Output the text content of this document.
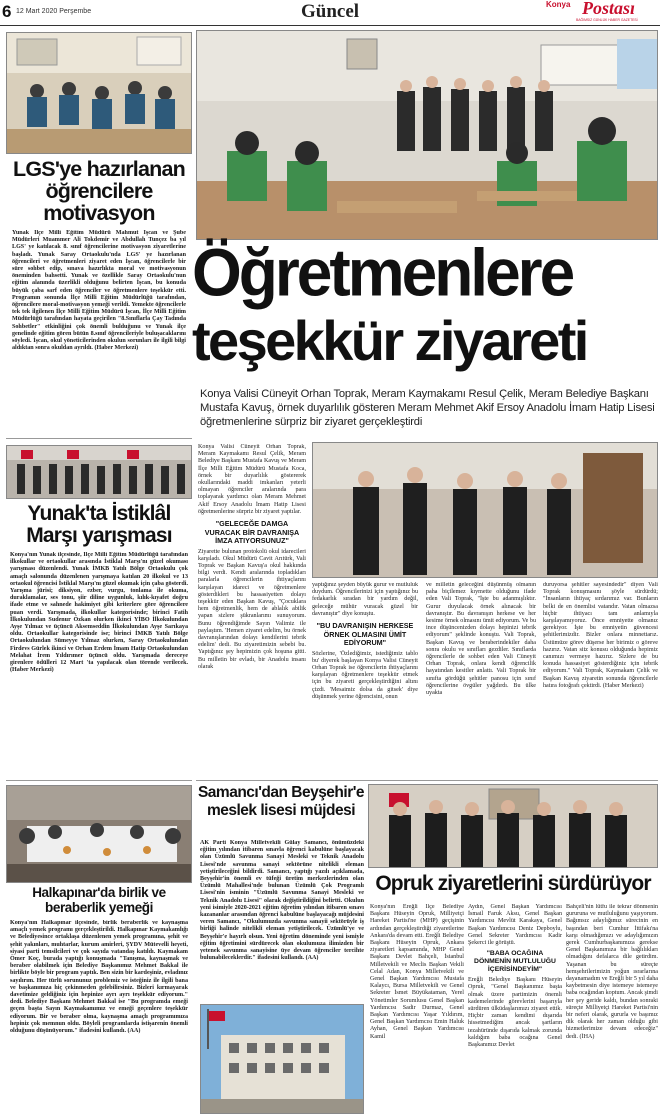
6 12 Mart 2020 Perşembe	Güncel	Konya Postası
BAĞIMSIZ GÜNLÜK HABER GAZETESİ
LGS'ye hazırlanan öğrencilere motivasyon

Yunak İlçe Milli Eğitim Müdürü Mahmut İşcan ve Şube Müdürleri Muammer Ali Tokdemir ve Abdullah Tunçez ba yıl LGS' ye katılacak 8. sınıf öğrencilerine motivasyon ziyaretlerine başladı. Yunak Saray Ortaokulu'nda LGS' ye hazırlanan öğrencileri ve öğretmenleri ziyaret eden İşcan, öğrencilerle bir süre sohbet edip, sınava hazırlıkta moral ve motivasyonun öneminden bahsetti. Yunak ve özellikle Saray Ortaokulu'nun eğitim alanında üzerlikli olduğunu belirten İşcan, bu konuda büyük çaba sarf eden öğrenciler ve öğretmenlere teşekkür etti. Programın sonunda İlçe Milli Eğitim Müdürlüğü tarafından, öğrencilere moral-motivasyon yemeği verildi. Yemekte öğrencilerle tek tek ilgilenen İlçe Milli Eğitim Müdürü İşcan, İlçe Milli Eğitim Müdürlüğü tarafından hayata geçirilen "8.Sınıflarla Çay Tadında Sohbetler" etkinliğini çok önemli bulduğunu ve Yunak ilçe genelinde eğitim gören bütün 8.sınıf öğrencileriyle buluşacaklarını söyledi. İşcan, okul yöneticilerinden okulun sorunları ile ilgili bilgi aldıktan sonra okuldan ayrıldı. (Haber Merkezi)

Yunak'ta İstiklâl Marşı yarışması

Konya'nın Yunak ilçesinde, İlçe Milli Eğitim Müdürlüğü tarafından ilkokullar ve ortaokullar arasında İstiklal Marşı'nı güzel okuması yarışması düzenlendi. Yunak İMKB Yatılı Bölge Ortaokulu çok amaçlı salonunda düzenlenen yarışmaya katılan 20 ilkokul ve 13 ortaokul öğrencisi İstiklal Marşı'nı güzel okumak için çaba gösterdi. Yarışma jürisi; diksiyon, ezber, vurgu, tonlama ile okuma, duraklamalar, ses tonu, şiir diline uygunluk, kılık-kıyafet doğru ifade etme ve sahnede hakimiyet gibi kriterlere göre öğrencilere puan verdi. Yarışmada, ilkokullar kategorisinde; birinci Fatih İlkokulundan Sudenur Özkan olurken ikinci YİBO İlkokulundan Ayşe Yılmaz ve üçüncü Aksemseddin İlkokulundan Ayşe Sarıkaya oldu. Ortaokullar kategorisinde ise; birinci İMKB Yatılı Bölge Ortaokulundan Sümeyye Yılmaz olurken, Saray Ortaokulundan Firdevs Gürlek ikinci ve Orhan Erdem İmam Hatip Ortaokulundan Melahat İrem Yıldırımer üçüncü oldu. Yarışmada dereceye girenlere ödülleri 12 Mart 'ta yapılacak olan törende verilecek. (Haber Merkezi)

Halkapınar'da birlik ve beraberlik yemeği

Konya'nın Halkapınar ilçesinde, birlik beraberlik ve kaynaşma amaçlı yemek programı gerçekleştirildi. Halkapınar Kaymakamlığı ve Belediyesince ortaklaşa düzenlenen yemek programına, şehit ve şehit yakınları, muhtarlar, kurum amirleri, ŞYDV Mütevelli heyeti, siyasi parti temsilcileri ve çok sayıda vatandaş katıldı. Kaymakam Ömer Koç, burada yaptığı konuşmada "Tanışma, kaynaşmak ve beraber olabilmek için Belediye Başkanımız Mehmet Bakkal ile birlikte böyle bir program yaptık. Ben sizin bir kardeşiniz, evladınız sayılırım. Her türlü sorununuz problemiz ve isteğiniz ile ilgili bana ve başkanımıza hiç çekinmeden gelebilirsiniz. Bizleri kırmayarak davetimize geldiğiniz için hepinize ayrı ayrı teşekkür ediyorum." dedi. Belediye Başkanı Mehmet Bakkal ise "Bu programda emeği geçen başta Sayın Kaymakamımız ve emeği geçenlere teşekkür ediyorum. Bir ve beraber olma, kaynaşma amaçlı programımıza hepiniz çok memnun oldu. Böyleli programlarda istişarenin önemli olduğunu düşünüyorum." ifadesini kullandı. (AA)

Öğretmenlere
teşekkür ziyareti
Konya Valisi Cüneyit Orhan Toprak, Meram Kaymakamı Resul Çelik, Meram Belediye Başkanı Mustafa Kavuş, örnek duyarlılık gösteren Meram Mehmet Akif Ersoy Anadolu İmam Hatip Lisesi öğretmenlerine sürpriz bir ziyaret gerçekleştirdi

Konya Valisi Cüneyit Orhan Toprak, Meram Kaymakamı Resul Çelik, Meram Belediye Başkanı Mustafa Kavuş ve Meram İlçe Milli Eğitim Müdürü Mustafa Koca, örnek bir duyarlılık göstererek okullarındaki maddi imkanları yeterli olmayan öğrenciler aralarında para toplayarak yardımcı olan Meram Mehmet Akif Ersoy Anadolu İmam Hatip Lisesi öğretmenlerine sürpriz bir ziyaret yaptılar.

"GELECEĞE DAMGA VURACAK BİR DAVRANIŞA İMZA ATIYORSUNUZ"

Ziyarette bulunan protokolü okul idarecileri karşıladı. Okul Müdürü Cavit Arıtürk, Vali Toprak ve Başkan Kavuş'a okul hakkında bilgi verdi. Kendi aralarında topladıkları paralarla öğrencilerin ihtiyaçlarını karşılayan idareci ve öğretmenlere gösterdikleri bu hassasiyetten dolayı teşekkür eden Başkan Kavuş, "Çocuklara hem öğretmenlik, hem de ablalık abilik yapan sizlere şükranlarımı sunuyorum. Bunu öğrendiğimde Sayın Valimiz ile paylaştım. 'Hemen ziyaret edelim, bu örnek davranışlarından dolayı kendilerini tebrik edelim' dedi. Bu ziyaretimizin sebebi bu. Yaptığınız şey hepimizin çok hoşuna gitti. Bu milletin bir evladı, bir Anadolu insanı olarak

yaptığınız şeyden büyük gurur ve mutluluk duydum. Öğrencilerinizi için yaptığınız bu fedakarlık sıradan bir yardım değil, geleceğe mühür vuracak güzel bir davranıştır" diye konuştu.

"BU DAVRANIŞIN HERKESE ÖRNEK OLMASINI ÜMİT EDİYORUM"

Sözlerine, 'Özlediğimiz, istediğimiz tablo bu' diyerek başlayan Konya Valisi Cüneyit Orhan Toprak ise öğrencilerin ihtiyaçlarını karşılayan öğretmenlere teşekkür etmek için bu ziyareti gerçekleştirdiğini altını çizdi. 'Mesaimiz dolsa da gitsek' diye düşünmek yerine öğrencisini, onun

ve milletin geleceğini düşünmüş olmanın paha biçilemez kıymette olduğunu ifade eden Vali Toprak, "İşte bu adanmışlıktır. Gurur duyulacak örnek alınacak bir davranıştır. Bu davranışın herkese ve her kesime örnek olmasını ümit ediyorum. Ve bu ince düşüncenizden dolayı hepinizi tebrik ediyorum" şeklinde konuştu. Vali Toprak, Başkan Kavuş ve beraberindekiler daha sonra okulu ve sınıfları gezdiler. Sınıflarda öğrencilerle de sohbet eden Vali Cüneyit Orhan Toprak, onlara kendi öğrencilik hayatından kesitler anlattı. Vali Toprak bir sınıfta gördüğü şehitler panosu için sınıf öğrencilerine övgüler yağdırdı. Bu ülke uyakta

duruyorsa şehitler sayesindedir" diyen Vali Toprak konuşmasını şöyle sürdürdü; "İnsanların ihtiyaç sırdarımız var. Bunların belki de en önemlisi vatandır. Vatan olmazsa hiçbir ihtiyacı tam anlamıyla karşılayamıyoruz. Önce emniyette olmanız gerekiyor. İşte bu emniyetin güvencesi şehitlerimizdir. Bizler onlara minnettarız. Üstümüze görev düşerse her birimiz o göreve hazırız. Vatan sitz konusu olduğunda hepimiz canımızı vermeye hazırız. Sizlere de bu konuda hassasiyet gösterdiğiniz için tebrik ediyorum." Vali Toprak, Kaymakam Çelik ve Başkan Kavuş ziyaretin sonunda öğrencilerle hatıra fotoğrafı çektirdi. (Haber Merkezi)

Samancı'dan Beyşehir'e meslek lisesi müjdesi

AK Parti Konya Milletvekili Gülay Samancı, önümüzdeki eğitim yılından itibaren sınavla öğrenci kabulüne başlayacak olan Üzümlü Savunma Sanayi Mesleki ve Teknik Anadolu Lisesi'nde savunma sanayi sektörüne nitelikli eleman yetiştirileceğini bildirdi. Samancı, yaptığı yazılı açıklamada, Beyşehir'in önemli ev tüfeği üretim merkezlerinden olan Üzümlü Mahallesi'nde bulunan Üzümlü Çok Programlı Lisesi'nin isminin "Üzümlü Savunma Sanayi Mesleki ve Teknik Anadolu Lisesi" olarak değiştirildiğini belirtti. Okulun yeni isimiyle 2020-2021 eğitim öğretim yılından itibaren sınavı kazananlar arasından öğrenci kabulüne başlayacağı müjdesini veren Samancı, "Okulumuzda savunma sanayii sektörüyle iş birliği halinde nitelikli eleman yetiştirilecek. Üzümlü'ye ve Beyşehir'e hayırlı olsun. Yeni öğretim döneminde yeni ismiyle eğitim öğretimini sürdürecek olan okulumuza ilimizden bir yetenek savunma sanayisine üye devam öğrenciler tercihte bulunabileceklerdir." ifadesini kullandı. (AA)

Opruk ziyaretlerini sürdürüyor

Konya'nın Ereğli İlçe Belediye Başkanı Hüseyin Opruk, Milliyetçi Hareket Partisi'ne (MHP) geçişinin ardından gerçekleştirdiği ziyaretlerine Ankara'da devam etti. Ereğli Belediye Başkanı Hüseyin Opruk, Ankara ziyaretleri kapsamında, MHP Genel Başkanı Devlet Bahçeli, İstanbul Milletvekili ve Meclis Başkan Vekili Celal Adan, Konya Milletvekili ve Genel Başkan Yardımcısı Mustafa Kalaycı, Bursa Milletvekili ve Genel Sekreter İsmet Büyükataman, Yerel Yönetimler Sorumlusu Genel Başkan Yardımcısı Sadir Durmaz, Genel Başkan Yardımcısı Yaşar Yıldırım, Genel Başkan Yardımcısı Emin Haluk Ayhan, Genel Başkan Yardımcısı Kamil

Aydın, Genel Başkan Yardımcısı İsmail Faruk Aksu, Genel Başkan Yardımcısı Mevlüt Karakaya, Genel Başkan Yardımcısı Deniz Depboylu, Genel Sekreter Yardımcısı Kadir Şekerci ile görüştü.

"BABA OCAĞINA DÖNMENİN MUTLULUĞU İÇERİSİNDEYİM"

Ereğli Belediye Başkanı Hüseyin Opruk, "Genel Başkanımız başta olmak üzere partimizin önemli kademelerinde görevlerini başarıyla sürdüren ülküdaşlarımızı ziyaret ettik. Hiçbir zaman kendimi dışarıda hissetmediğim ancak şartların tezahüründe dışarıda kalmak zorunda kaldığım baba ocağına Genel Başkanımız Devlet

Bahçeli'nin lütfu ile tekrar dönmenin gururuna ve mutluluğunu yaşıyorum. Bağımsız adaylığımız sürecinin en başından beri Cumhur İttifakı'na karşı olmadığımızı ve adaylığımızın gerek Cumhurbaşkanımıza gerekse Genel Başkanımıza bir bağlılıkları olmadığını defalarca dile getirdim. Yaşanan bu süreçte hemşehrilerimizin yoğun ısrarlarına dayanamadım ve Ereğli bir 5 yıl daha kaybetmesin diye istemeye istemeye baba ocağından koptum. Ancak şimdi her şey geride kaldı, bundan sonraki süreçte Milliyetçi Hareket Partisi'nin bir neferi olarak, gururla ve başımız dik olarak her zaman olduğu gibi hizmetlerimize devam edeceğiz" dedi. (İHA)
